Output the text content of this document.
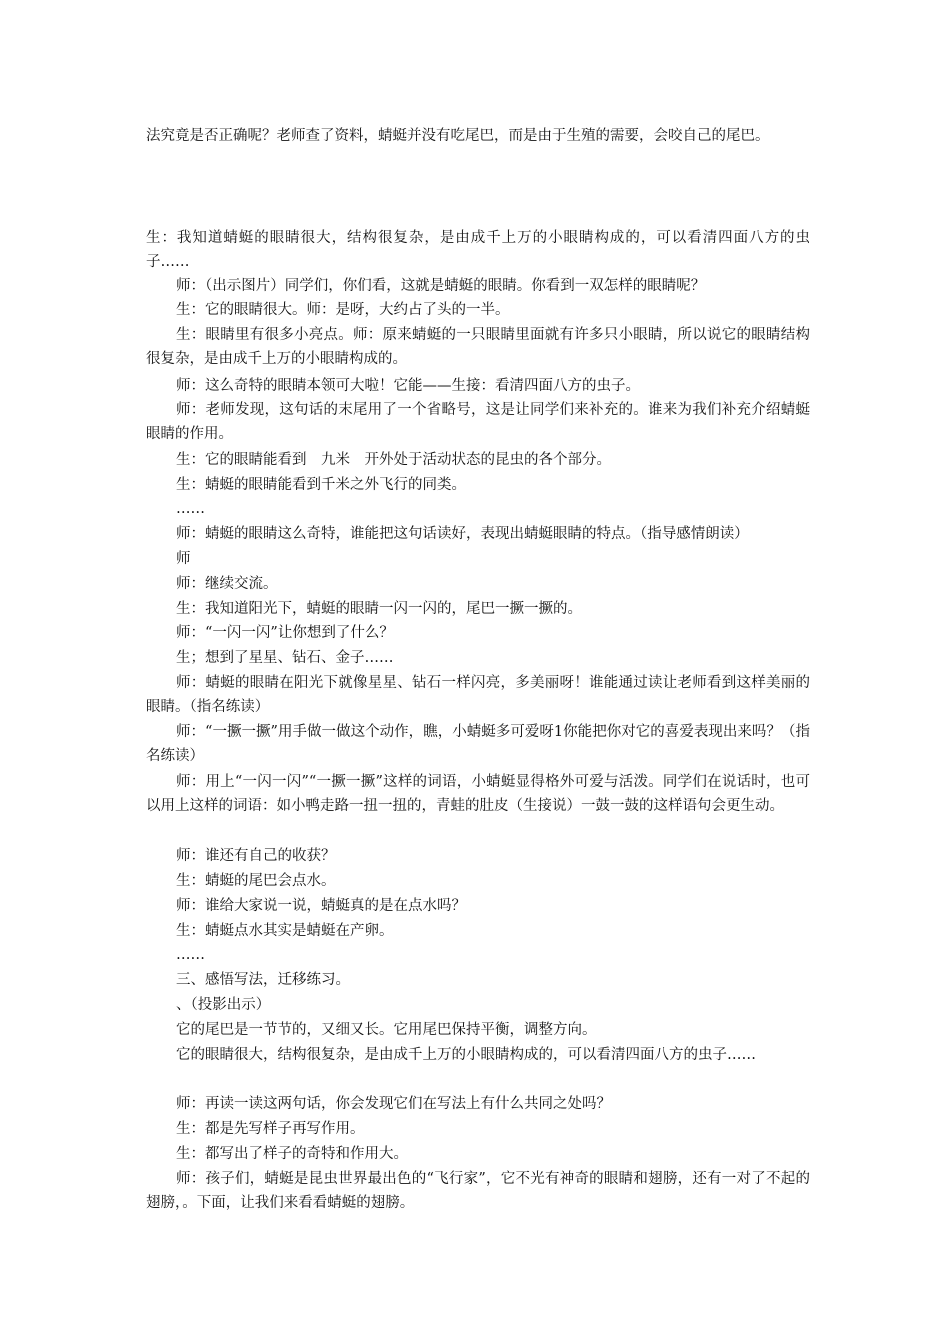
法究竟是否正确呢？老师查了资料，蜻蜓并没有吃尾巴，而是由于生殖的需要，会咬自己的尾巴。

生：我知道蜻蜓的眼睛很大，结构很复杂，是由成千上万的小眼睛构成的，可以看清四面八方的虫子……

师：（出示图片）同学们，你们看，这就是蜻蜓的眼睛。你看到一双怎样的眼睛呢？

生：它的眼睛很大。师：是呀，大约占了头的一半。

生：眼睛里有很多小亮点。师：原来蜻蜓的一只眼睛里面就有许多只小眼睛，所以说它的眼睛结构很复杂，是由成千上万的小眼睛构成的。

师：这么奇特的眼睛本领可大啦！它能——生接：看清四面八方的虫子。

师：老师发现，这句话的末尾用了一个省略号，这是让同学们来补充的。谁来为我们补充介绍蜻蜓眼睛的作用。

生：它的眼睛能看到　九米　开外处于活动状态的昆虫的各个部分。

生：蜻蜓的眼睛能看到千米之外飞行的同类。

……

师：蜻蜓的眼睛这么奇特，谁能把这句话读好，表现出蜻蜓眼睛的特点。（指导感情朗读）

师

师：继续交流。

生：我知道阳光下，蜻蜓的眼睛一闪一闪的，尾巴一撅一撅的。

师：“一闪一闪”让你想到了什么？

生；想到了星星、钻石、金子……

师：蜻蜓的眼睛在阳光下就像星星、钻石一样闪亮，多美丽呀！谁能通过读让老师看到这样美丽的眼睛。（指名练读）

师：“一撅一撅”用手做一做这个动作，瞧，小蜻蜓多可爱呀1你能把你对它的喜爱表现出来吗？（指名练读）

师：用上“一闪一闪”“一撅一撅”这样的词语，小蜻蜓显得格外可爱与活泼。同学们在说话时，也可以用上这样的词语：如小鸭走路一扭一扭的，青蛙的肚皮（生接说）一鼓一鼓的这样语句会更生动。

师：谁还有自己的收获？

生：蜻蜓的尾巴会点水。

师：谁给大家说一说，蜻蜓真的是在点水吗？

生：蜻蜓点水其实是蜻蜓在产卵。

……

三、感悟写法，迁移练习。

、（投影出示）

它的尾巴是一节节的，又细又长。它用尾巴保持平衡，调整方向。

它的眼睛很大，结构很复杂，是由成千上万的小眼睛构成的，可以看清四面八方的虫子……

师：再读一读这两句话，你会发现它们在写法上有什么共同之处吗？

生：都是先写样子再写作用。

生：都写出了样子的奇特和作用大。

师：孩子们，蜻蜓是昆虫世界最出色的“飞行家”，它不光有神奇的眼睛和翅膀，还有一对了不起的翅膀，。下面，让我们来看看蜻蜓的翅膀。
